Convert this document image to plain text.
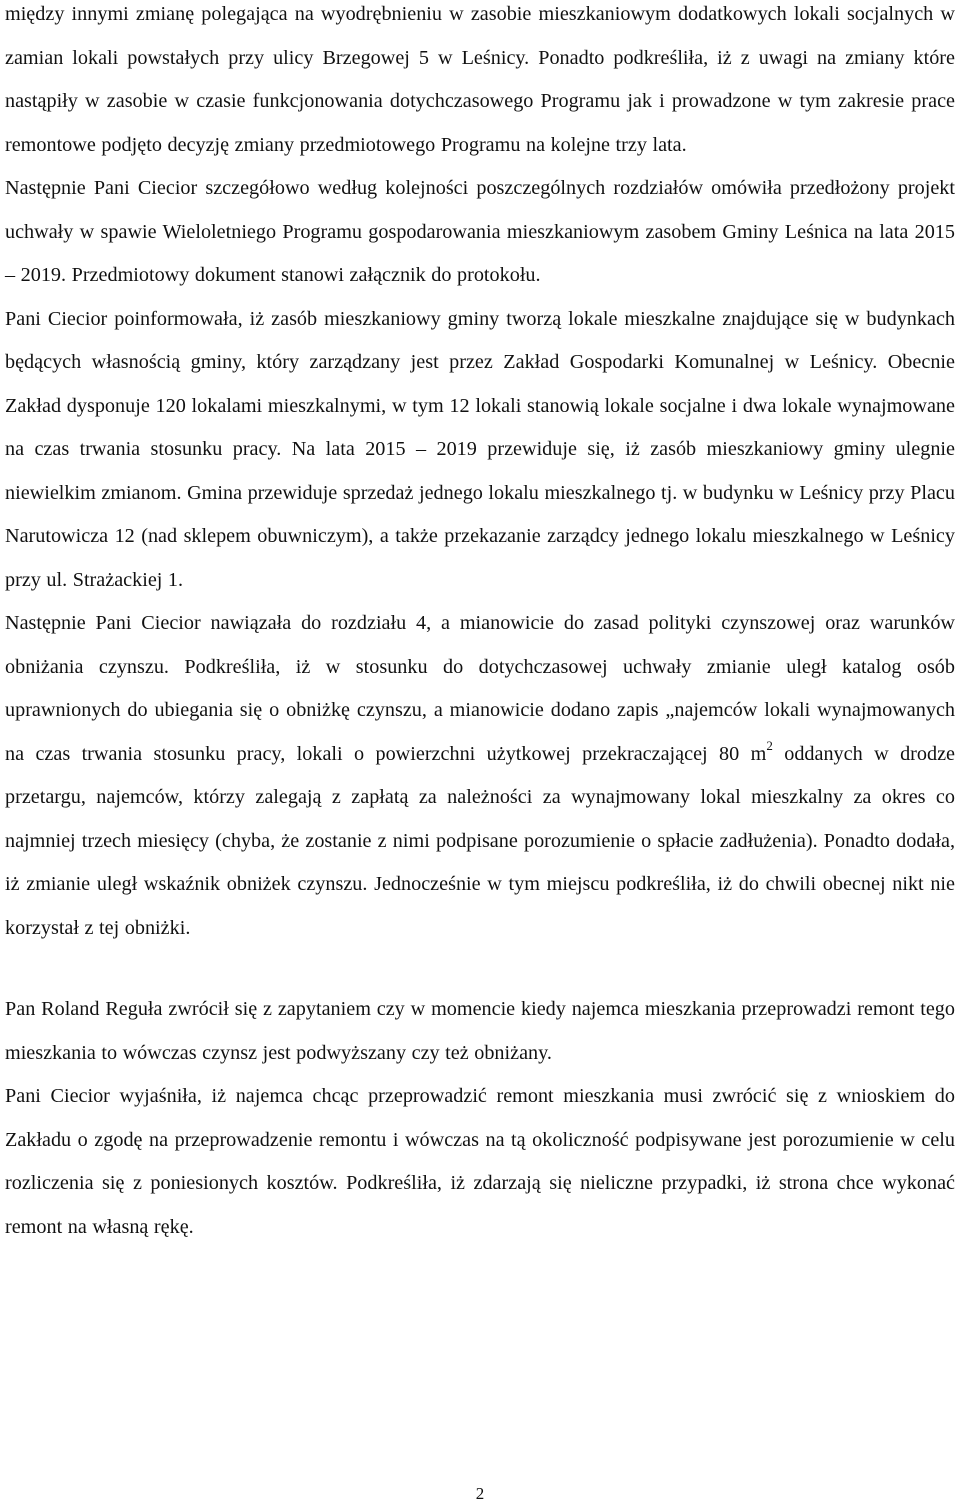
między innymi zmianę polegająca na wyodrębnieniu w zasobie mieszkaniowym dodatkowych lokali socjalnych w zamian lokali powstałych przy ulicy Brzegowej 5 w Leśnicy. Ponadto podkreśliła, iż z uwagi na zmiany które nastąpiły w zasobie w czasie funkcjonowania dotychczasowego Programu jak i prowadzone w tym zakresie prace remontowe podjęto decyzję zmiany przedmiotowego Programu na kolejne trzy lata.

Następnie Pani Ciecior szczegółowo według kolejności poszczególnych rozdziałów omówiła przedłożony projekt uchwały w spawie Wieloletniego Programu gospodarowania mieszkaniowym zasobem Gminy Leśnica na lata 2015 – 2019. Przedmiotowy dokument stanowi załącznik do protokołu.

Pani Ciecior poinformowała, iż zasób mieszkaniowy gminy tworzą lokale mieszkalne znajdujące się w budynkach będących własnością gminy, który zarządzany jest przez Zakład Gospodarki Komunalnej w Leśnicy. Obecnie Zakład dysponuje 120 lokalami mieszkalnymi, w tym 12 lokali stanowią lokale socjalne i dwa lokale wynajmowane na czas trwania stosunku pracy. Na lata 2015 – 2019 przewiduje się, iż zasób mieszkaniowy gminy ulegnie niewielkim zmianom. Gmina przewiduje sprzedaż jednego lokalu mieszkalnego tj. w budynku w Leśnicy przy Placu Narutowicza 12 (nad sklepem obuwniczym), a także przekazanie zarządcy jednego lokalu mieszkalnego w Leśnicy przy ul. Strażackiej 1.

Następnie Pani Ciecior nawiązała do rozdziału 4, a mianowicie do zasad polityki czynszowej oraz warunków obniżania czynszu. Podkreśliła, iż w stosunku do dotychczasowej uchwały zmianie uległ katalog osób uprawnionych do ubiegania się o obniżkę czynszu, a mianowicie dodano zapis „najemców lokali wynajmowanych na czas trwania stosunku pracy, lokali o powierzchni użytkowej przekraczającej 80 $m^2$ oddanych w drodze przetargu, najemców, którzy zalegają z zapłatą za należności za wynajmowany lokal mieszkalny za okres co najmniej trzech miesięcy (chyba, że zostanie z nimi podpisane porozumienie o spłacie zadłużenia). Ponadto dodała, iż zmianie uległ wskaźnik obniżek czynszu. Jednocześnie w tym miejscu podkreśliła, iż do chwili obecnej nikt nie korzystał z tej obniżki.

Pan Roland Reguła zwrócił się z zapytaniem czy w momencie kiedy najemca mieszkania przeprowadzi remont tego mieszkania to wówczas czynsz jest podwyższany czy też obniżany.

Pani Ciecior wyjaśniła, iż najemca chcąc przeprowadzić remont mieszkania musi zwrócić się z wnioskiem do Zakładu o zgodę na przeprowadzenie remontu i wówczas na tą okoliczność podpisywane jest porozumienie w celu rozliczenia się z poniesionych kosztów. Podkreśliła, iż zdarzają się nieliczne przypadki, iż strona chce wykonać remont na własną rękę.

2
